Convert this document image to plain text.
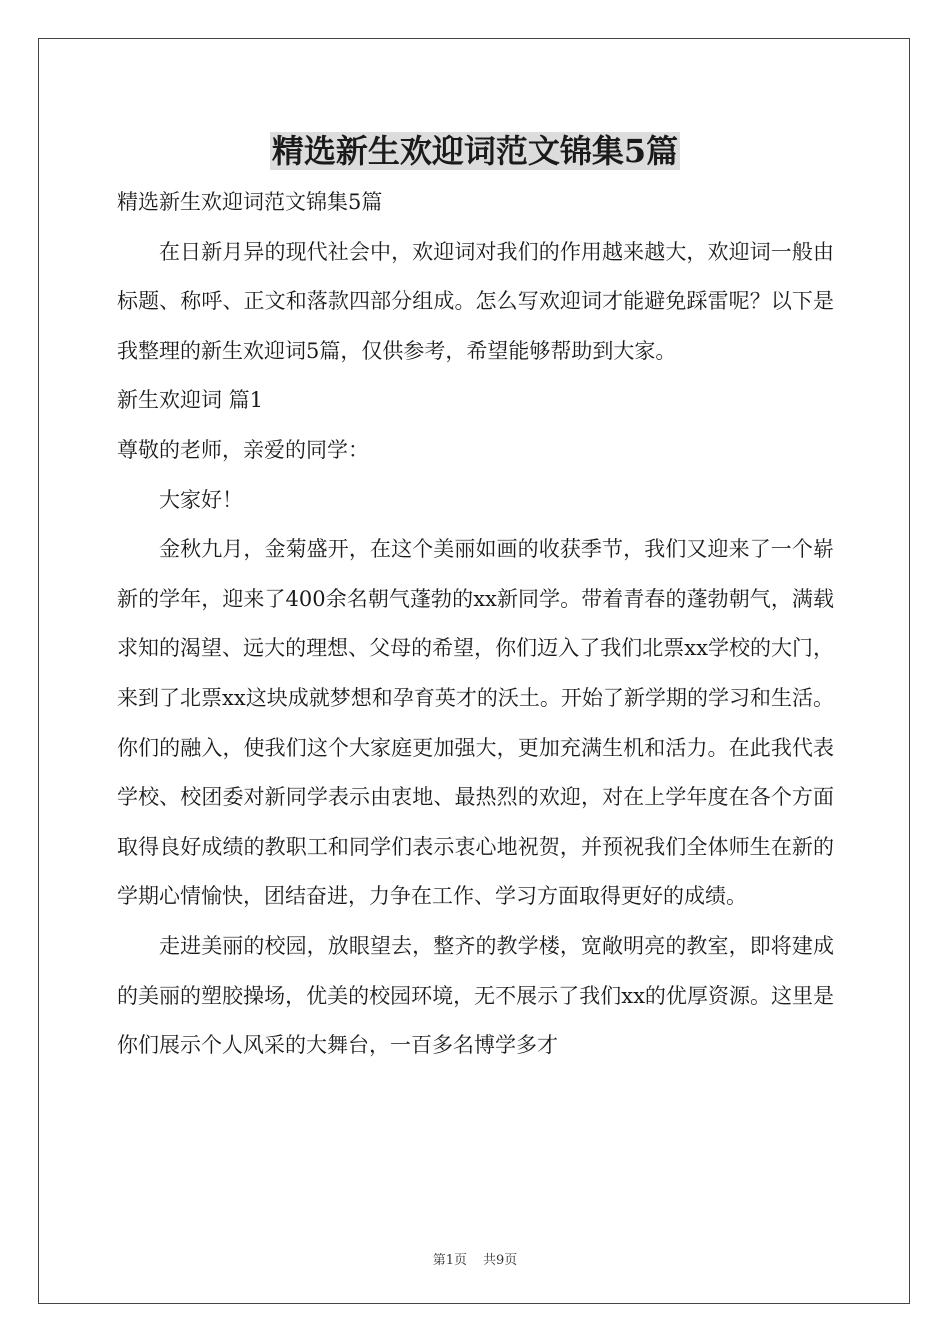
精选新生欢迎词范文锦集5篇

精选新生欢迎词范文锦集5篇

在日新月异的现代社会中，欢迎词对我们的作用越来越大，欢迎词一般由标题、称呼、正文和落款四部分组成。怎么写欢迎词才能避免踩雷呢？以下是我整理的新生欢迎词5篇，仅供参考，希望能够帮助到大家。

新生欢迎词 篇1

尊敬的老师，亲爱的同学：

大家好！

金秋九月，金菊盛开，在这个美丽如画的收获季节，我们又迎来了一个崭新的学年，迎来了400余名朝气蓬勃的xx新同学。带着青春的蓬勃朝气，满载求知的渴望、远大的理想、父母的希望，你们迈入了我们北票xx学校的大门，来到了北票xx这块成就梦想和孕育英才的沃土。开始了新学期的学习和生活。你们的融入，使我们这个大家庭更加强大，更加充满生机和活力。在此我代表学校、校团委对新同学表示由衷地、最热烈的欢迎，对在上学年度在各个方面取得良好成绩的教职工和同学们表示衷心地祝贺，并预祝我们全体师生在新的学期心情愉快，团结奋进，力争在工作、学习方面取得更好的成绩。

走进美丽的校园，放眼望去，整齐的教学楼，宽敞明亮的教室，即将建成的美丽的塑胶操场，优美的校园环境，无不展示了我们xx的优厚资源。这里是你们展示个人风采的大舞台，一百多名博学多才

第1页 共9页
